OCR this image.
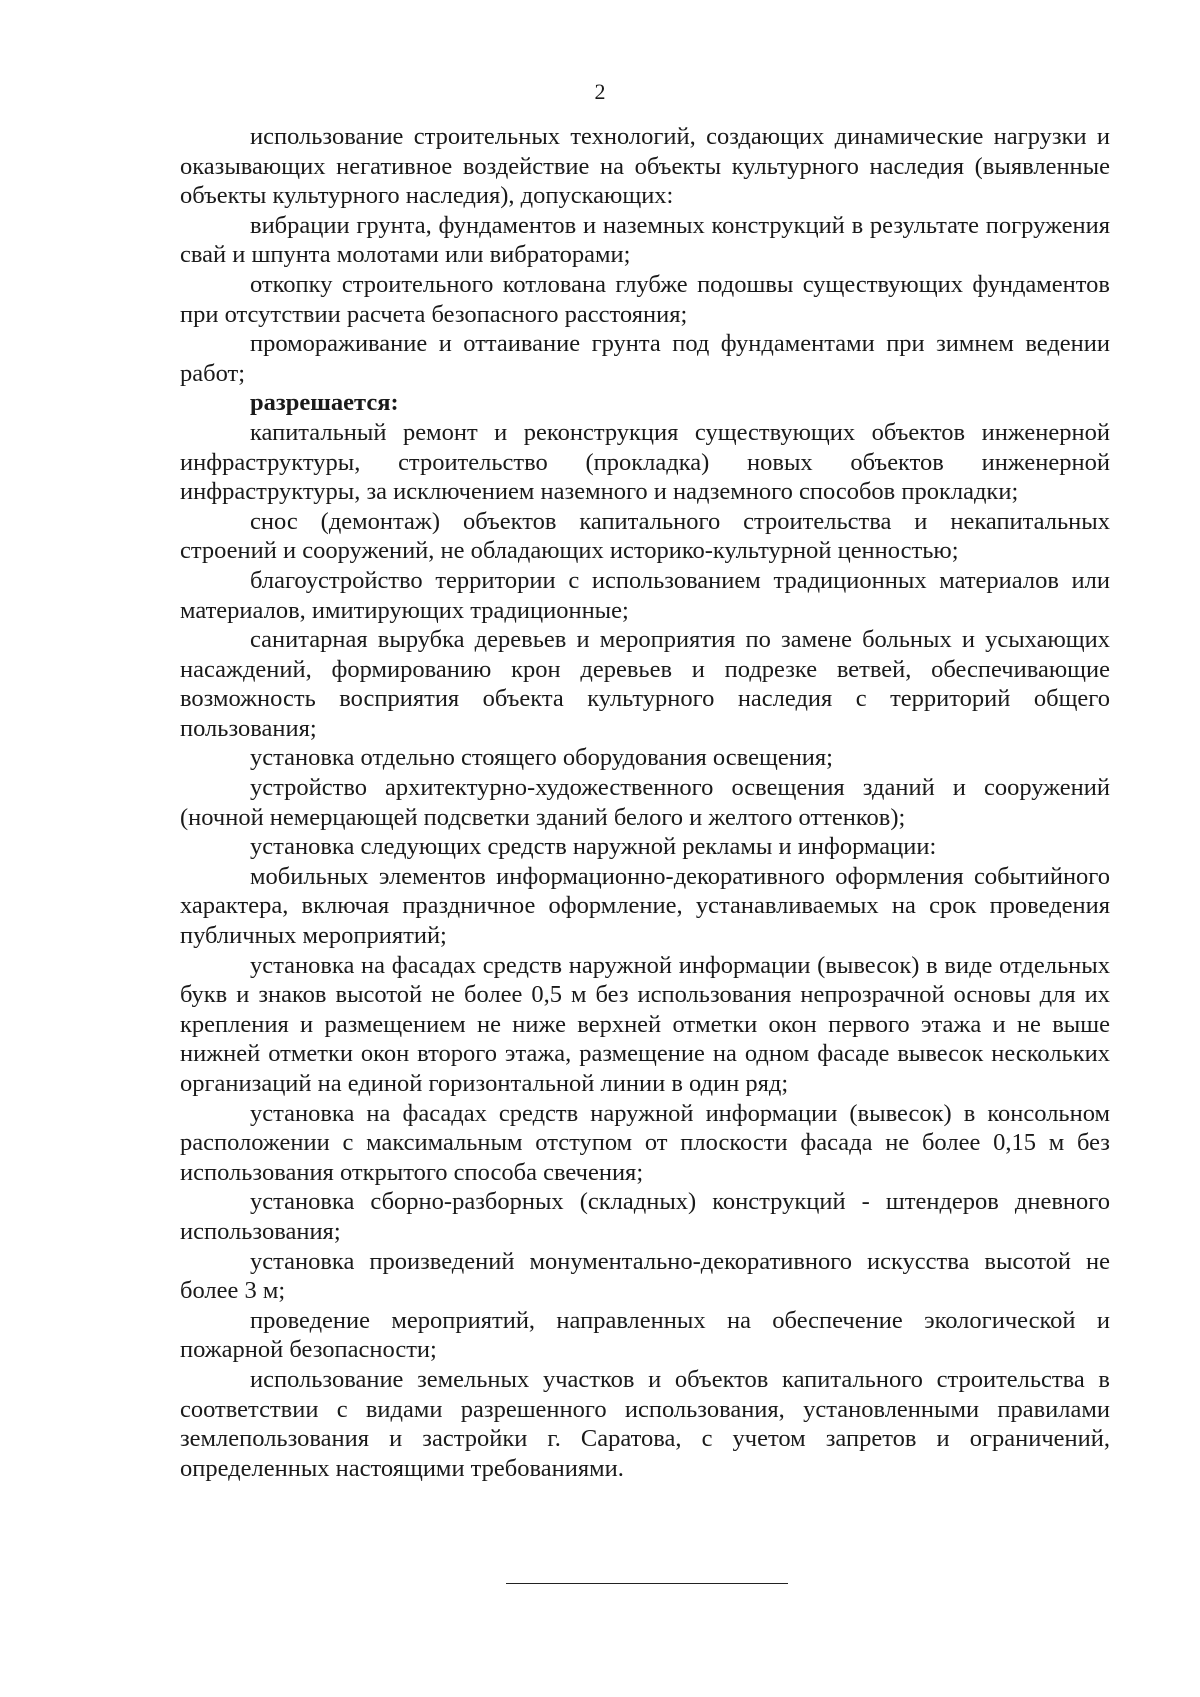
2

использование строительных технологий, создающих динамические нагрузки и оказывающих негативное воздействие на объекты культурного наследия (выявленные объекты культурного наследия), допускающих:

вибрации грунта, фундаментов и наземных конструкций в результате погружения свай и шпунта молотами или вибраторами;

откопку строительного котлована глубже подошвы существующих фундаментов при отсутствии расчета безопасного расстояния;

промораживание и оттаивание грунта под фундаментами при зимнем ведении работ;

разрешается:

капитальный ремонт и реконструкция существующих объектов инженерной инфраструктуры, строительство (прокладка) новых объектов инженерной инфраструктуры, за исключением наземного и надземного способов прокладки;

снос (демонтаж) объектов капитального строительства и некапитальных строений и сооружений, не обладающих историко-культурной ценностью;

благоустройство территории с использованием традиционных материалов или материалов, имитирующих традиционные;

санитарная вырубка деревьев и мероприятия по замене больных и усыхающих насаждений, формированию крон деревьев и подрезке ветвей, обеспечивающие возможность восприятия объекта культурного наследия с территорий общего пользования;

установка отдельно стоящего оборудования освещения;

устройство архитектурно-художественного освещения зданий и сооружений (ночной немерцающей подсветки зданий белого и желтого оттенков);

установка следующих средств наружной рекламы и информации:

мобильных элементов информационно-декоративного оформления событийного характера, включая праздничное оформление, устанавливаемых на срок проведения публичных мероприятий;

установка на фасадах средств наружной информации (вывесок) в виде отдельных букв и знаков высотой не более 0,5 м без использования непрозрачной основы для их крепления и размещением не ниже верхней отметки окон первого этажа и не выше нижней отметки окон второго этажа, размещение на одном фасаде вывесок нескольких организаций на единой горизонтальной линии в один ряд;

установка на фасадах средств наружной информации (вывесок) в консольном расположении с максимальным отступом от плоскости фасада не более 0,15 м без использования открытого способа свечения;

установка сборно-разборных (складных) конструкций - штендеров дневного использования;

установка произведений монументально-декоративного искусства высотой не более 3 м;

проведение мероприятий, направленных на обеспечение экологической и пожарной безопасности;

использование земельных участков и объектов капитального строительства в соответствии с видами разрешенного использования, установленными правилами землепользования и застройки г. Саратова, с учетом запретов и ограничений, определенных настоящими требованиями.
